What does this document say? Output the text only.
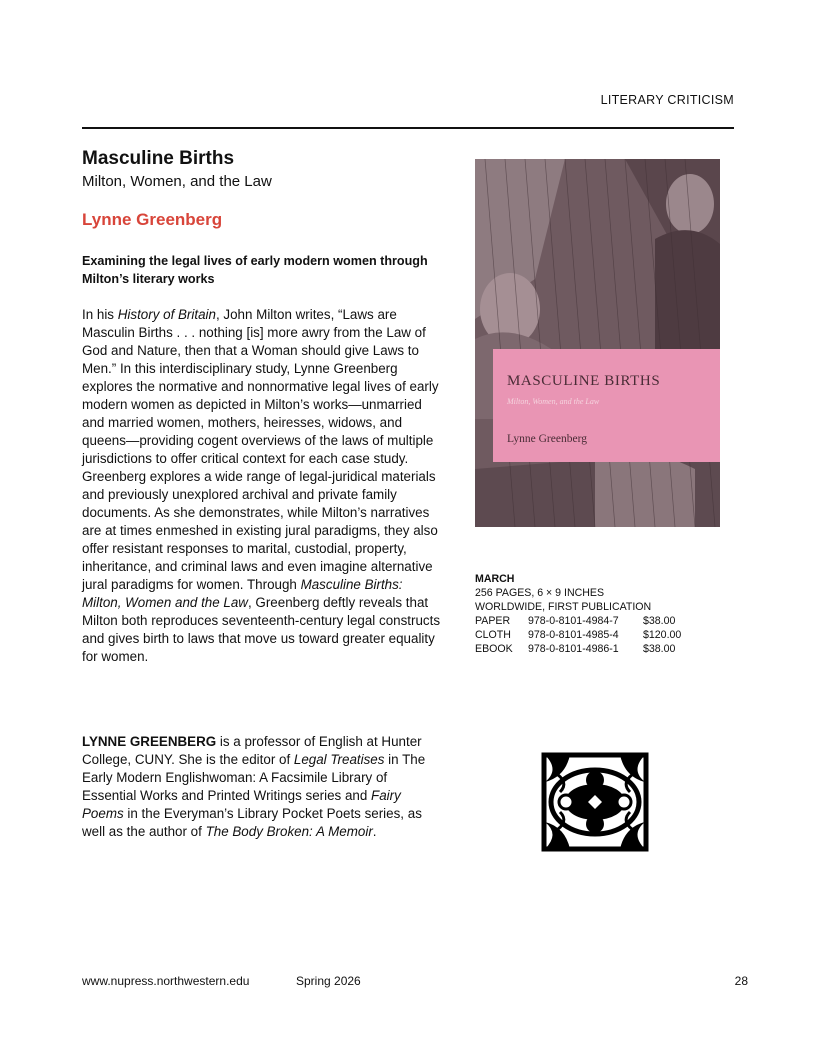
LITERARY CRITICISM
Masculine Births

Milton, Women, and the Law

Lynne Greenberg

Examining the legal lives of early modern women through Milton’s literary works

In his History of Britain, John Milton writes, “Laws are Masculin Births . . . nothing [is] more awry from the Law of God and Nature, then that a Woman should give Laws to Men.” In this interdisciplinary study, Lynne Greenberg explores the normative and nonnormative legal lives of early modern women as depicted in Milton’s works—unmarried and married women, mothers, heiresses, widows, and queens—providing cogent overviews of the laws of multiple jurisdictions to offer critical context for each case study. Greenberg explores a wide range of legal-juridical materials and previously unexplored archival and private family documents. As she demonstrates, while Milton’s narratives are at times enmeshed in existing jural paradigms, they also offer resistant responses to marital, custodial, property, inheritance, and criminal laws and even imagine alternative jural paradigms for women. Through Masculine Births: Milton, Women and the Law, Greenberg deftly reveals that Milton both reproduces seventeenth-century legal constructs and gives birth to laws that move us toward greater equality for women.

LYNNE GREENBERG is a professor of English at Hunter College, CUNY. She is the editor of Legal Treatises in The Early Modern Englishwoman: A Facsimile Library of Essential Works and Printed Writings series and Fairy Poems in the Everyman’s Library Pocket Poets series, as well as the author of The Body Broken: A Memoir.

MASCULINE BIRTHS
Milton, Women, and the Law
Lynne Greenberg
MARCH
256 PAGES, 6 × 9 INCHES
WORLDWIDE, FIRST PUBLICATION
PAPER 978-0-8101-4984-7 $38.00
CLOTH 978-0-8101-4985-4 $120.00
EBOOK 978-0-8101-4986-1 $38.00
www.nupress.northwestern.edu	Spring 2026	28
